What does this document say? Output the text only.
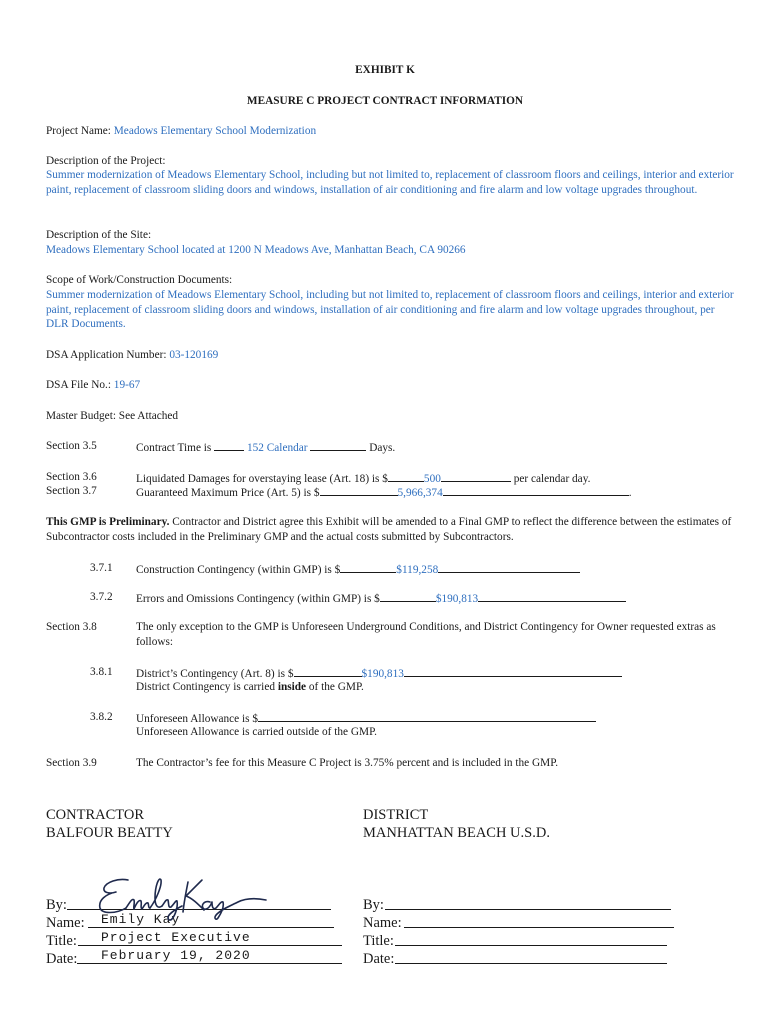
EXHIBIT K
MEASURE C PROJECT CONTRACT INFORMATION
Project Name: Meadows Elementary School Modernization
Description of the Project:
Summer modernization of Meadows Elementary School, including but not limited to, replacement of classroom floors and ceilings, interior and exterior paint, replacement of classroom sliding doors and windows, installation of air conditioning and fire alarm and low voltage upgrades throughout.
Description of the Site:
Meadows Elementary School located at 1200 N Meadows Ave, Manhattan Beach, CA 90266
Scope of Work/Construction Documents:
Summer modernization of Meadows Elementary School, including but not limited to, replacement of classroom floors and ceilings, interior and exterior paint, replacement of classroom sliding doors and windows, installation of air conditioning and fire alarm and low voltage upgrades throughout, per DLR Documents.
DSA Application Number: 03-120169
DSA File No.: 19-67
Master Budget: See Attached
Section 3.5	Contract Time is	152 Calendar	Days.
Section 3.6	Liquidated Damages for overstaying lease (Art. 18) is $	500	per calendar day.
Section 3.7	Guaranteed Maximum Price (Art. 5) is $	5,966,374	.
This GMP is Preliminary. Contractor and District agree this Exhibit will be amended to a Final GMP to reflect the difference between the estimates of Subcontractor costs included in the Preliminary GMP and the actual costs submitted by Subcontractors.
3.7.1 Construction Contingency (within GMP) is $	$119,258
3.7.2 Errors and Omissions Contingency (within GMP) is $	$190,813
Section 3.8	The only exception to the GMP is Unforeseen Underground Conditions, and District Contingency for Owner requested extras as follows:
3.8.1 District’s Contingency (Art. 8) is $	$190,813
District Contingency is carried inside of the GMP.
3.8.2 Unforeseen Allowance is $
Unforeseen Allowance is carried outside of the GMP.
Section 3.9	The Contractor’s fee for this Measure C Project is 3.75% percent and is included in the GMP.
CONTRACTOR
BALFOUR BEATTY
DISTRICT
MANHATTAN BEACH U.S.D.
By:
Name: Emily Kay
Title: Project Executive
Date: February 19, 2020
By:
Name:
Title:
Date:
